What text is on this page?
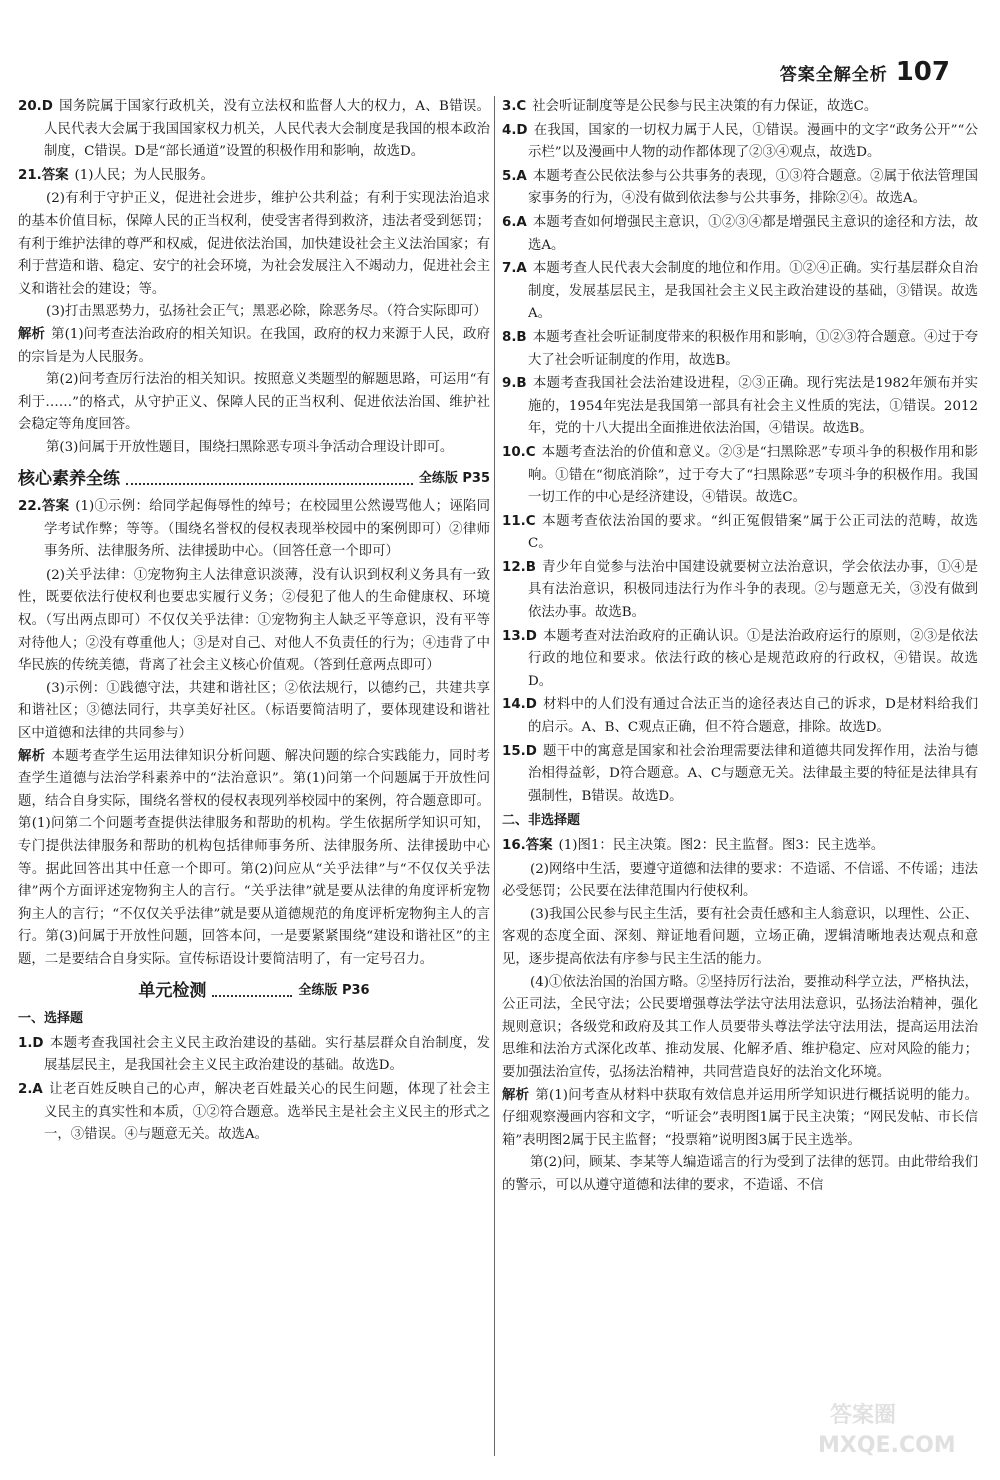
答案全解全析 107

20.D 国务院属于国家行政机关，没有立法权和监督人大的权力，A、B错误。人民代表大会属于我国国家权力机关，人民代表大会制度是我国的根本政治制度，C错误。D是“部长通道”设置的积极作用和影响，故选D。

21.答案 (1)人民；为人民服务。

(2)有利于守护正义，促进社会进步，维护公共利益；有利于实现法治追求的基本价值目标，保障人民的正当权利，使受害者得到救济，违法者受到惩罚；有利于维护法律的尊严和权威，促进依法治国，加快建设社会主义法治国家；有利于营造和谐、稳定、安宁的社会环境，为社会发展注入不竭动力，促进社会主义和谐社会的建设；等。

(3)打击黑恶势力，弘扬社会正气；黑恶必除，除恶务尽。（符合实际即可）

解析 第(1)问考查法治政府的相关知识。在我国，政府的权力来源于人民，政府的宗旨是为人民服务。

第(2)问考查厉行法治的相关知识。按照意义类题型的解题思路，可运用“有利于……”的格式，从守护正义、保障人民的正当权利、促进依法治国、维护社会稳定等角度回答。

第(3)问属于开放性题目，围绕扫黑除恶专项斗争活动合理设计即可。

核心素养全练	全练版 P35

22.答案 (1)①示例：给同学起侮辱性的绰号；在校园里公然谩骂他人；诬陷同学考试作弊；等等。（围绕名誉权的侵权表现举校园中的案例即可）②律师事务所、法律服务所、法律援助中心。（回答任意一个即可）

(2)关乎法律：①宠物狗主人法律意识淡薄，没有认识到权利义务具有一致性，既要依法行使权利也要忠实履行义务；②侵犯了他人的生命健康权、环境权。（写出两点即可）不仅仅关乎法律：①宠物狗主人缺乏平等意识，没有平等对待他人；②没有尊重他人；③是对自己、对他人不负责任的行为；④违背了中华民族的传统美德，背离了社会主义核心价值观。（答到任意两点即可）

(3)示例：①践德守法，共建和谐社区；②依法规行，以德约己，共建共享和谐社区；③德法同行，共享美好社区。（标语要简洁明了，要体现建设和谐社区中道德和法律的共同参与）

解析 本题考查学生运用法律知识分析问题、解决问题的综合实践能力，同时考查学生道德与法治学科素养中的“法治意识”。第(1)问第一个问题属于开放性问题，结合自身实际，围绕名誉权的侵权表现列举校园中的案例，符合题意即可。第(1)问第二个问题考查提供法律服务和帮助的机构。学生依据所学知识可知，专门提供法律服务和帮助的机构包括律师事务所、法律服务所、法律援助中心等。据此回答出其中任意一个即可。第(2)问应从“关乎法律”与“不仅仅关乎法律”两个方面评述宠物狗主人的言行。“关乎法律”就是要从法律的角度评析宠物狗主人的言行；“不仅仅关乎法律”就是要从道德规范的角度评析宠物狗主人的言行。第(3)问属于开放性问题，回答本问，一是要紧紧围绕“建设和谐社区”的主题，二是要结合自身实际。宣传标语设计要简洁明了，有一定号召力。

单元检测	全练版 P36
一、选择题

1.D 本题考查我国社会主义民主政治建设的基础。实行基层群众自治制度，发展基层民主，是我国社会主义民主政治建设的基础。故选D。

2.A 让老百姓反映自己的心声，解决老百姓最关心的民生问题，体现了社会主义民主的真实性和本质，①②符合题意。选举民主是社会主义民主的形式之一，③错误。④与题意无关。故选A。

3.C 社会听证制度等是公民参与民主决策的有力保证，故选C。

4.D 在我国，国家的一切权力属于人民，①错误。漫画中的文字“政务公开”“公示栏”以及漫画中人物的动作都体现了②③④观点，故选D。

5.A 本题考查公民依法参与公共事务的表现，①③符合题意。②属于依法管理国家事务的行为，④没有做到依法参与公共事务，排除②④。故选A。

6.A 本题考查如何增强民主意识，①②③④都是增强民主意识的途径和方法，故选A。

7.A 本题考查人民代表大会制度的地位和作用。①②④正确。实行基层群众自治制度，发展基层民主，是我国社会主义民主政治建设的基础，③错误。故选A。

8.B 本题考查社会听证制度带来的积极作用和影响，①②③符合题意。④过于夸大了社会听证制度的作用，故选B。

9.B 本题考查我国社会法治建设进程，②③正确。现行宪法是1982年颁布并实施的，1954年宪法是我国第一部具有社会主义性质的宪法，①错误。2012年，党的十八大提出全面推进依法治国，④错误。故选B。

10.C 本题考查法治的价值和意义。②③是“扫黑除恶”专项斗争的积极作用和影响。①错在“彻底消除”，过于夸大了“扫黑除恶”专项斗争的积极作用。我国一切工作的中心是经济建设，④错误。故选C。

11.C 本题考查依法治国的要求。“纠正冤假错案”属于公正司法的范畴，故选C。

12.B 青少年自觉参与法治中国建设就要树立法治意识，学会依法办事，①④是具有法治意识，积极同违法行为作斗争的表现。②与题意无关，③没有做到依法办事。故选B。

13.D 本题考查对法治政府的正确认识。①是法治政府运行的原则，②③是依法行政的地位和要求。依法行政的核心是规范政府的行政权，④错误。故选D。

14.D 材料中的人们没有通过合法正当的途径表达自己的诉求，D是材料给我们的启示。A、B、C观点正确，但不符合题意，排除。故选D。

15.D 题干中的寓意是国家和社会治理需要法律和道德共同发挥作用，法治与德治相得益彰，D符合题意。A、C与题意无关。法律最主要的特征是法律具有强制性，B错误。故选D。

二、非选择题

16.答案 (1)图1：民主决策。图2：民主监督。图3：民主选举。

(2)网络中生活，要遵守道德和法律的要求：不造谣、不信谣、不传谣；违法必受惩罚；公民要在法律范围内行使权利。

(3)我国公民参与民主生活，要有社会责任感和主人翁意识，以理性、公正、客观的态度全面、深刻、辩证地看问题，立场正确，逻辑清晰地表达观点和意见，逐步提高依法有序参与民主生活的能力。

(4)①依法治国的治国方略。②坚持厉行法治，要推动科学立法，严格执法，公正司法，全民守法；公民要增强尊法学法守法用法意识，弘扬法治精神，强化规则意识；各级党和政府及其工作人员要带头尊法学法守法用法，提高运用法治思维和法治方式深化改革、推动发展、化解矛盾、维护稳定、应对风险的能力；要加强法治宣传，弘扬法治精神，共同营造良好的法治文化环境。

解析 第(1)问考查从材料中获取有效信息并运用所学知识进行概括说明的能力。仔细观察漫画内容和文字，“听证会”表明图1属于民主决策；“网民发帖、市长信箱”表明图2属于民主监督；“投票箱”说明图3属于民主选举。

第(2)问，顾某、李某等人编造谣言的行为受到了法律的惩罚。由此带给我们的警示，可以从遵守道德和法律的要求，不造谣、不信

答案圈
MXQE.COM
